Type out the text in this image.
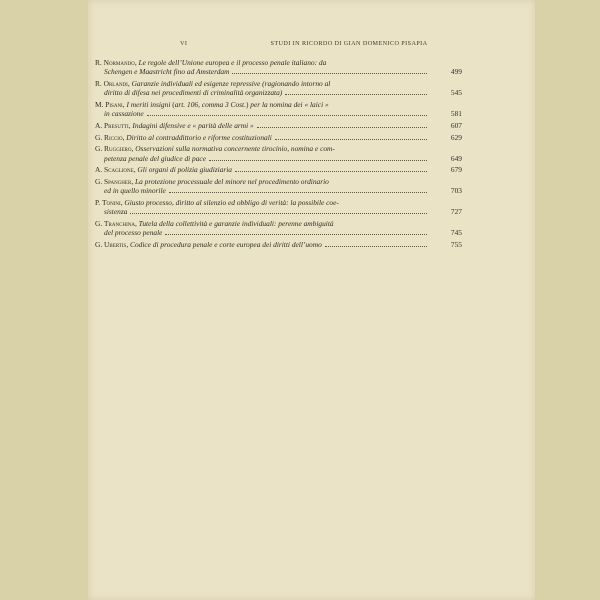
VI	STUDI IN RICORDO DI GIAN DOMENICO PISAPIA
R. Normando, Le regole dell’Unione europea e il processo penale italiano: da
Schengen e Maastricht fino ad Amsterdam	499
R. Orlandi, Garanzie individuali ed esigenze repressive (ragionando intorno al
diritto di difesa nei procedimenti di criminalità organizzata)	545
M. Pisani, I meriti insigni (art. 106, comma 3 Cost.) per la nomina dei « laici »
in cassazione	581
A. Presutti, Indagini difensive e « parità delle armi »	607
G. Riccio, Diritto al contraddittorio e riforme costituzionali	629
G. Ruggiero, Osservazioni sulla normativa concernente tirocinio, nomina e com-
petenza penale del giudice di pace	649
A. Scaglione, Gli organi di polizia giudiziaria	679
G. Spangher, La protezione processuale del minore nel procedimento ordinario
ed in quello minorile	703
P. Tonini, Giusto processo, diritto al silenzio ed obbligo di verità: la possibile coe-
sistenza	727
G. Tranchina, Tutela della collettività e garanzie individuali: perenne ambiguità
del processo penale	745
G. Ubertis, Codice di procedura penale e corte europea dei diritti dell’uomo	755
